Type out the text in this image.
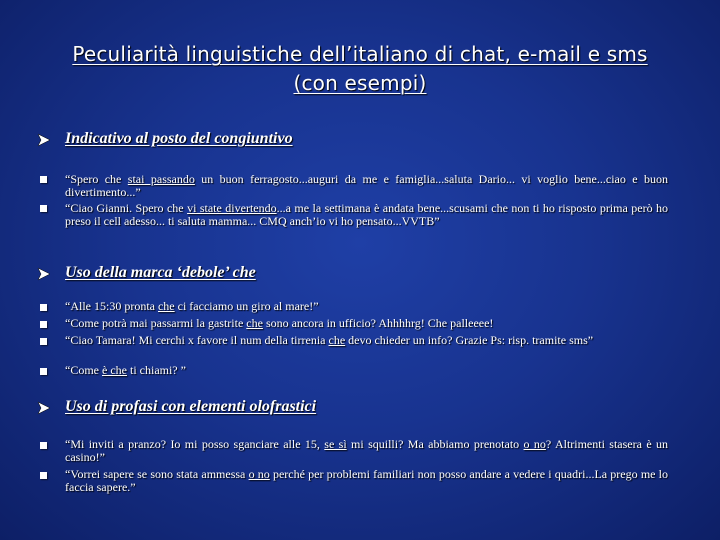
Peculiarità linguistiche dell’italiano di chat, e-mail e sms
(con esempi)
Indicativo al posto del congiuntivo
“Spero che stai passando un buon ferragosto...auguri da me e famiglia...saluta Dario... vi voglio bene...ciao e buon divertimento...”
“Ciao Gianni. Spero che vi state divertendo...a me la settimana è andata bene...scusami che non ti ho risposto prima però ho preso il cell adesso... ti saluta mamma... CMQ anch’io vi ho pensato...VVTB”
Uso della marca ‘debole’ che
“Alle 15:30 pronta che ci facciamo un giro al mare!”
“Come potrà mai passarmi la gastrite che sono ancora in ufficio? Ahhhhrg! Che palleeee!
“Ciao Tamara! Mi cerchi x favore il num della tirrenia che devo chieder un info? Grazie Ps: risp. tramite sms”
“Come è che ti chiami? ”
Uso di profasi con elementi olofrastici
“Mi inviti a pranzo? Io mi posso sganciare alle 15, se sì mi squilli? Ma abbiamo prenotato o no? Altrimenti stasera è un casino!”
“Vorrei sapere se sono stata ammessa o no perché per problemi familiari non posso andare a vedere i quadri...La prego me lo faccia sapere.”
